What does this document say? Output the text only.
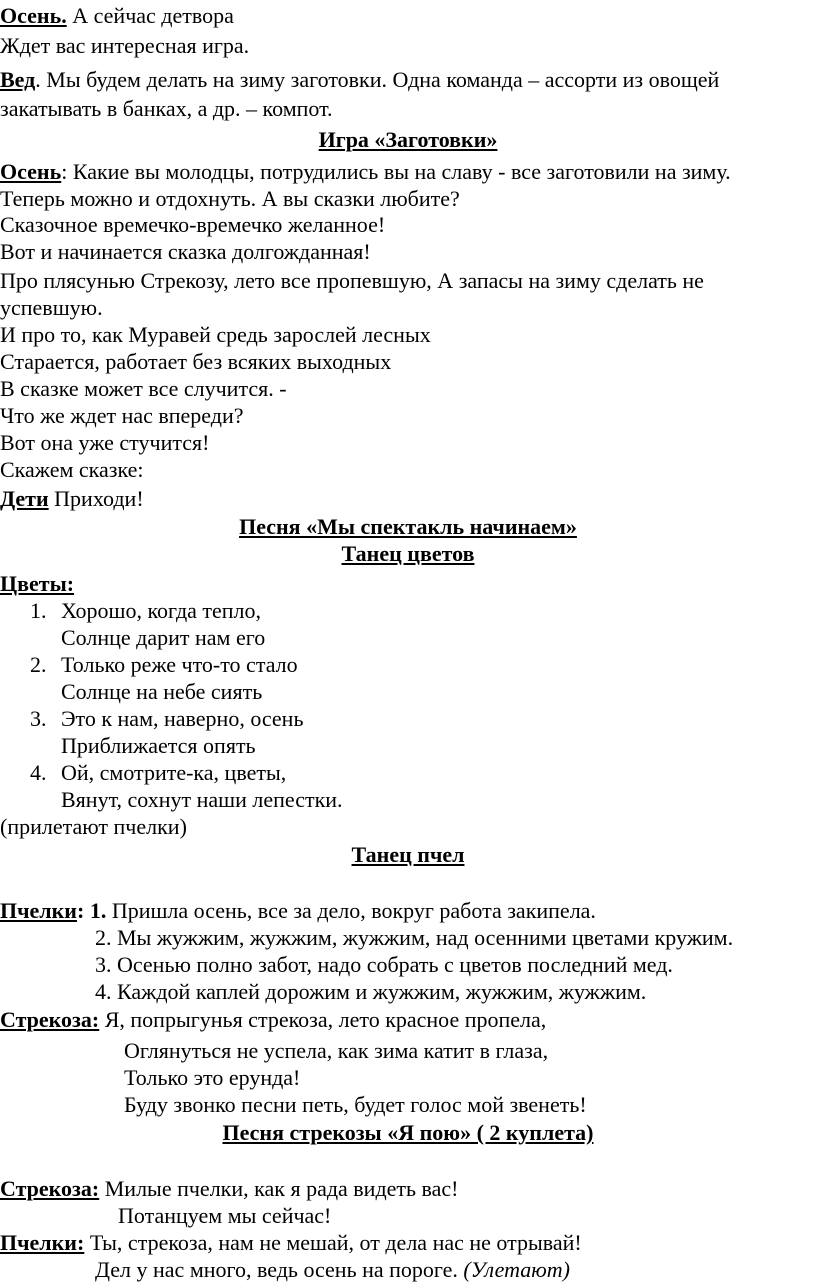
Осень. А сейчас детвора
Ждет вас интересная игра.
Вед. Мы будем делать на зиму заготовки. Одна команда – ассорти из овощей
закатывать в банках, а др. – компот.
Игра «Заготовки»
Осень: Какие вы молодцы, потрудились вы на славу - все заготовили на зиму.
Теперь можно и отдохнуть. А вы сказки любите?
Сказочное времечко-времечко желанное!
Вот и начинается сказка долгожданная!
Про плясунью Стрекозу, лето все пропевшую, А запасы на зиму сделать не
успевшую.
И про то, как Муравей средь зарослей лесных
Старается, работает без всяких выходных
В сказке может все случится. -
Что же ждет нас впереди?
Вот она уже стучится!
Скажем сказке:
Дети Приходи!
Песня «Мы спектакль начинаем»
Танец цветов
Цветы:
1. Хорошо, когда тепло,
Солнце дарит нам его
2. Только реже что-то стало
Солнце на небе сиять
3. Это к нам, наверно, осень
Приближается опять
4. Ой, смотрите-ка, цветы,
Вянут, сохнут наши лепестки.
(прилетают пчелки)
Танец пчел
Пчелки: 1. Пришла осень, все за дело, вокруг работа закипела.
2. Мы жужжим, жужжим, жужжим, над осенними цветами кружим.
3. Осенью полно забот, надо собрать с цветов последний мед.
4. Каждой каплей дорожим и жужжим, жужжим, жужжим.
Стрекоза: Я, попрыгунья стрекоза, лето красное пропела,
Оглянуться не успела, как зима катит в глаза,
Только это ерунда!
Буду звонко песни петь, будет голос мой звенеть!
Песня стрекозы «Я пою» ( 2 куплета)
Стрекоза: Милые пчелки, как я рада видеть вас!
Потанцуем мы сейчас!
Пчелки: Ты, стрекоза, нам не мешай, от дела нас не отрывай!
Дел у нас много, ведь осень на пороге. (Улетают)
